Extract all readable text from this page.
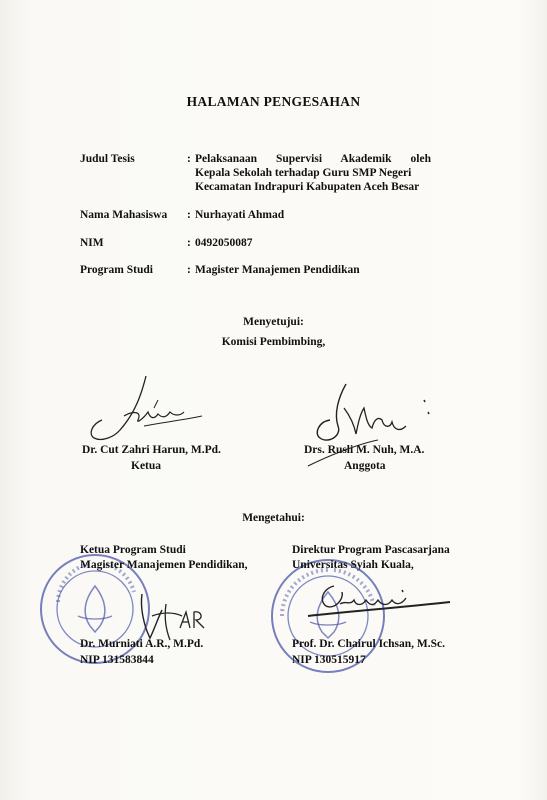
HALAMAN PENGESAHAN
Judul Tesis	: Pelaksanaan Supervisi Akademik oleh
Kepala Sekolah terhadap Guru SMP Negeri
Kecamatan Indrapuri Kabupaten Aceh Besar
Nama Mahasiswa	: Nurhayati Ahmad
NIM	: 0492050087
Program Studi	: Magister Manajemen Pendidikan
Menyetujui:
Komisi Pembimbing,
Dr. Cut Zahri Harun, M.Pd.
Ketua
Drs. Rusli M. Nuh, M.A.
Anggota
Mengetahui:
Ketua Program Studi
Magister Manajemen Pendidikan,
Dr. Murniati A.R., M.Pd.
NIP 131583844
Direktur Program Pascasarjana
Universitas Syiah Kuala,
Prof. Dr. Chairul Ichsan, M.Sc.
NIP 130515917
